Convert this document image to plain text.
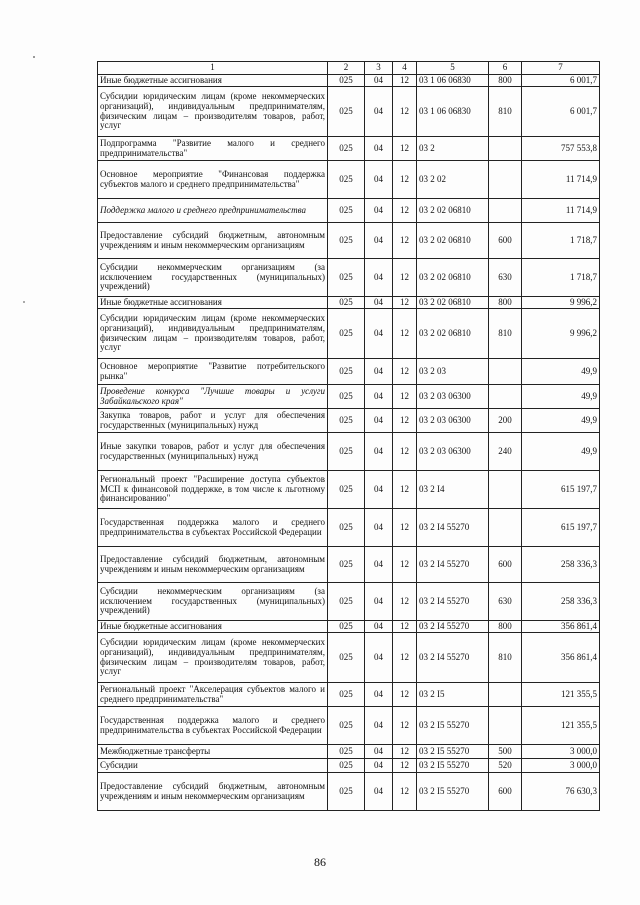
1	2	3	4	5	6	7
Иные бюджетные ассигнования	025	04	12	03 1 06 06830	800	6 001,7
Субсидии юридическим лицам (кроме некоммерческих организаций), индивидуальным предпринимателям, физическим лицам – производителям товаров, работ, услуг	025	04	12	03 1 06 06830	810	6 001,7
Подпрограмма "Развитие малого и среднего предпринимательства"	025	04	12	03 2		757 553,8
Основное мероприятие "Финансовая поддержка субъектов малого и среднего предпринимательства"	025	04	12	03 2 02		11 714,9
Поддержка малого и среднего предпринимательства	025	04	12	03 2 02 06810		11 714,9
Предоставление субсидий бюджетным, автономным учреждениям и иным некоммерческим организациям	025	04	12	03 2 02 06810	600	1 718,7
Субсидии некоммерческим организациям (за исключением государственных (муниципальных) учреждений)	025	04	12	03 2 02 06810	630	1 718,7
Иные бюджетные ассигнования	025	04	12	03 2 02 06810	800	9 996,2
Субсидии юридическим лицам (кроме некоммерческих организаций), индивидуальным предпринимателям, физическим лицам – производителям товаров, работ, услуг	025	04	12	03 2 02 06810	810	9 996,2
Основное мероприятие "Развитие потребительского рынка"	025	04	12	03 2 03		49,9
Проведение конкурса "Лучшие товары и услуги Забайкальского края"	025	04	12	03 2 03 06300		49,9
Закупка товаров, работ и услуг для обеспечения государственных (муниципальных) нужд	025	04	12	03 2 03 06300	200	49,9
Иные закупки товаров, работ и услуг для обеспечения государственных (муниципальных) нужд	025	04	12	03 2 03 06300	240	49,9
Региональный проект "Расширение доступа субъектов МСП к финансовой поддержке, в том числе к льготному финансированию"	025	04	12	03 2 I4		615 197,7
Государственная поддержка малого и среднего предпринимательства в субъектах Российской Федерации	025	04	12	03 2 I4 55270		615 197,7
Предоставление субсидий бюджетным, автономным учреждениям и иным некоммерческим организациям	025	04	12	03 2 I4 55270	600	258 336,3
Субсидии некоммерческим организациям (за исключением государственных (муниципальных) учреждений)	025	04	12	03 2 I4 55270	630	258 336,3
Иные бюджетные ассигнования	025	04	12	03 2 I4 55270	800	356 861,4
Субсидии юридическим лицам (кроме некоммерческих организаций), индивидуальным предпринимателям, физическим лицам – производителям товаров, работ, услуг	025	04	12	03 2 I4 55270	810	356 861,4
Региональный проект "Акселерация субъектов малого и среднего предпринимательства"	025	04	12	03 2 I5		121 355,5
Государственная поддержка малого и среднего предпринимательства в субъектах Российской Федерации	025	04	12	03 2 I5 55270		121 355,5
Межбюджетные трансферты	025	04	12	03 2 I5 55270	500	3 000,0
Субсидии	025	04	12	03 2 I5 55270	520	3 000,0
Предоставление субсидий бюджетным, автономным учреждениям и иным некоммерческим организациям	025	04	12	03 2 I5 55270	600	76 630,3
86
